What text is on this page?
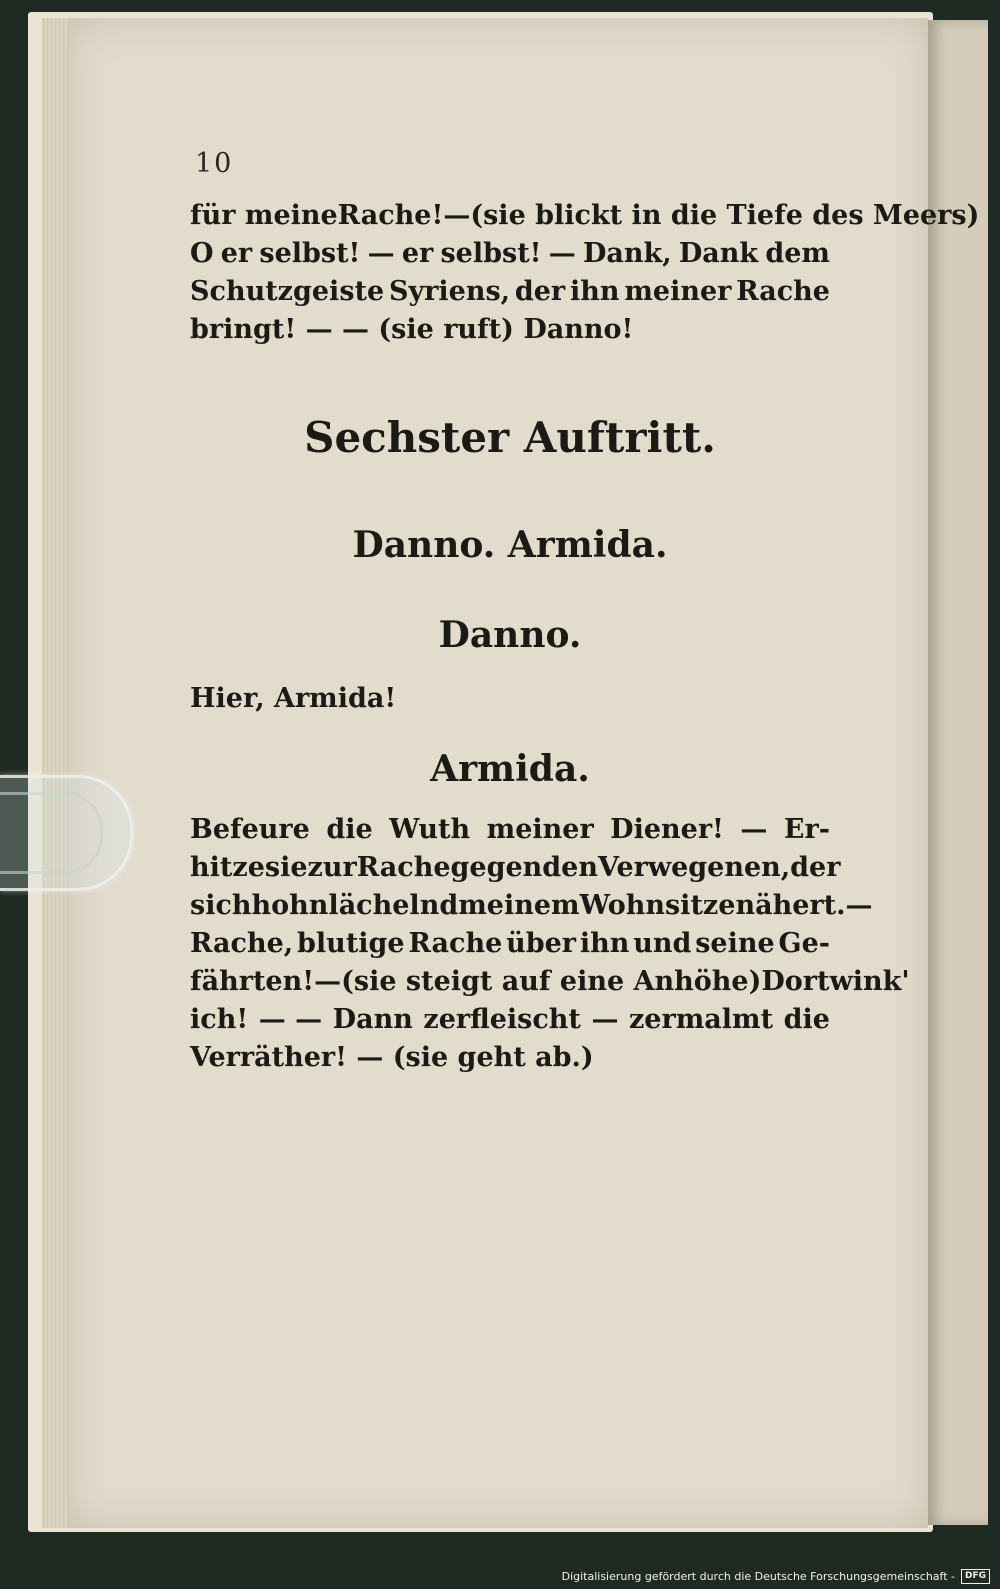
10
für meineRache!—(sie blickt in die Tiefe des Meers)
O er selbst! — er selbst! — Dank, Dank dem
Schutzgeiste Syriens, der ihn meiner Rache
bringt! — — (sie ruft) Danno!
Sechster Auftritt.
Danno. Armida.
Danno.
Hier, Armida!
Armida.
Befeure die Wuth meiner Diener! — Er-
hitze sie zur Rache gegen den Verwegenen, der
sich hohnlächelnd meinem Wohnsitze nähert. —
Rache, blutige Rache über ihn und seine Ge-
fährten! — (sie steigt auf eine Anhöhe) Dort wink'
ich! — — Dann zerfleischt — zermalmt die
Verräther! — (sie geht ab.)
Digitalisierung gefördert durch die Deutsche Forschungsgemeinschaft -	DFG
